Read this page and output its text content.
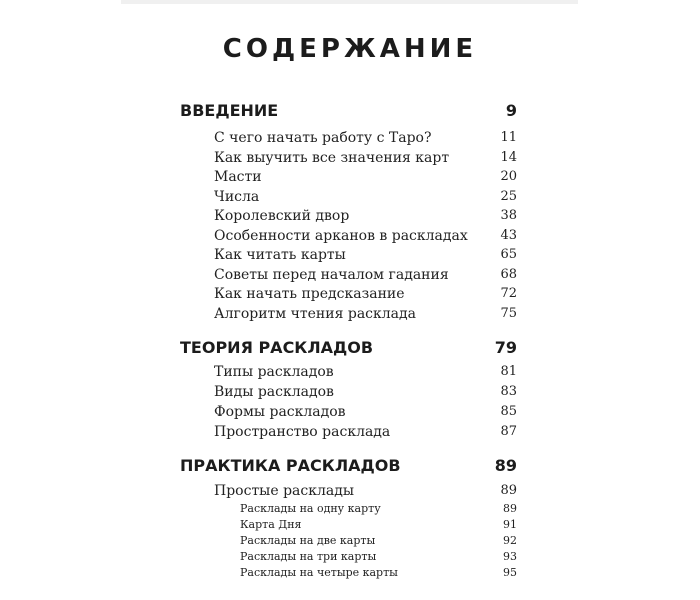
СОДЕРЖАНИЕ
ВВЕДЕНИЕ	9
С чего начать работу с Таро?	11
Как выучить все значения карт	14
Масти	20
Числа	25
Королевский двор	38
Особенности арканов в раскладах	43
Как читать карты	65
Советы перед началом гадания	68
Как начать предсказание	72
Алгоритм чтения расклада	75
ТЕОРИЯ РАСКЛАДОВ	79
Типы раскладов	81
Виды раскладов	83
Формы раскладов	85
Пространство расклада	87
ПРАКТИКА РАСКЛАДОВ	89
Простые расклады	89
Расклады на одну карту	89
Карта Дня	91
Расклады на две карты	92
Расклады на три карты	93
Расклады на четыре карты	95
